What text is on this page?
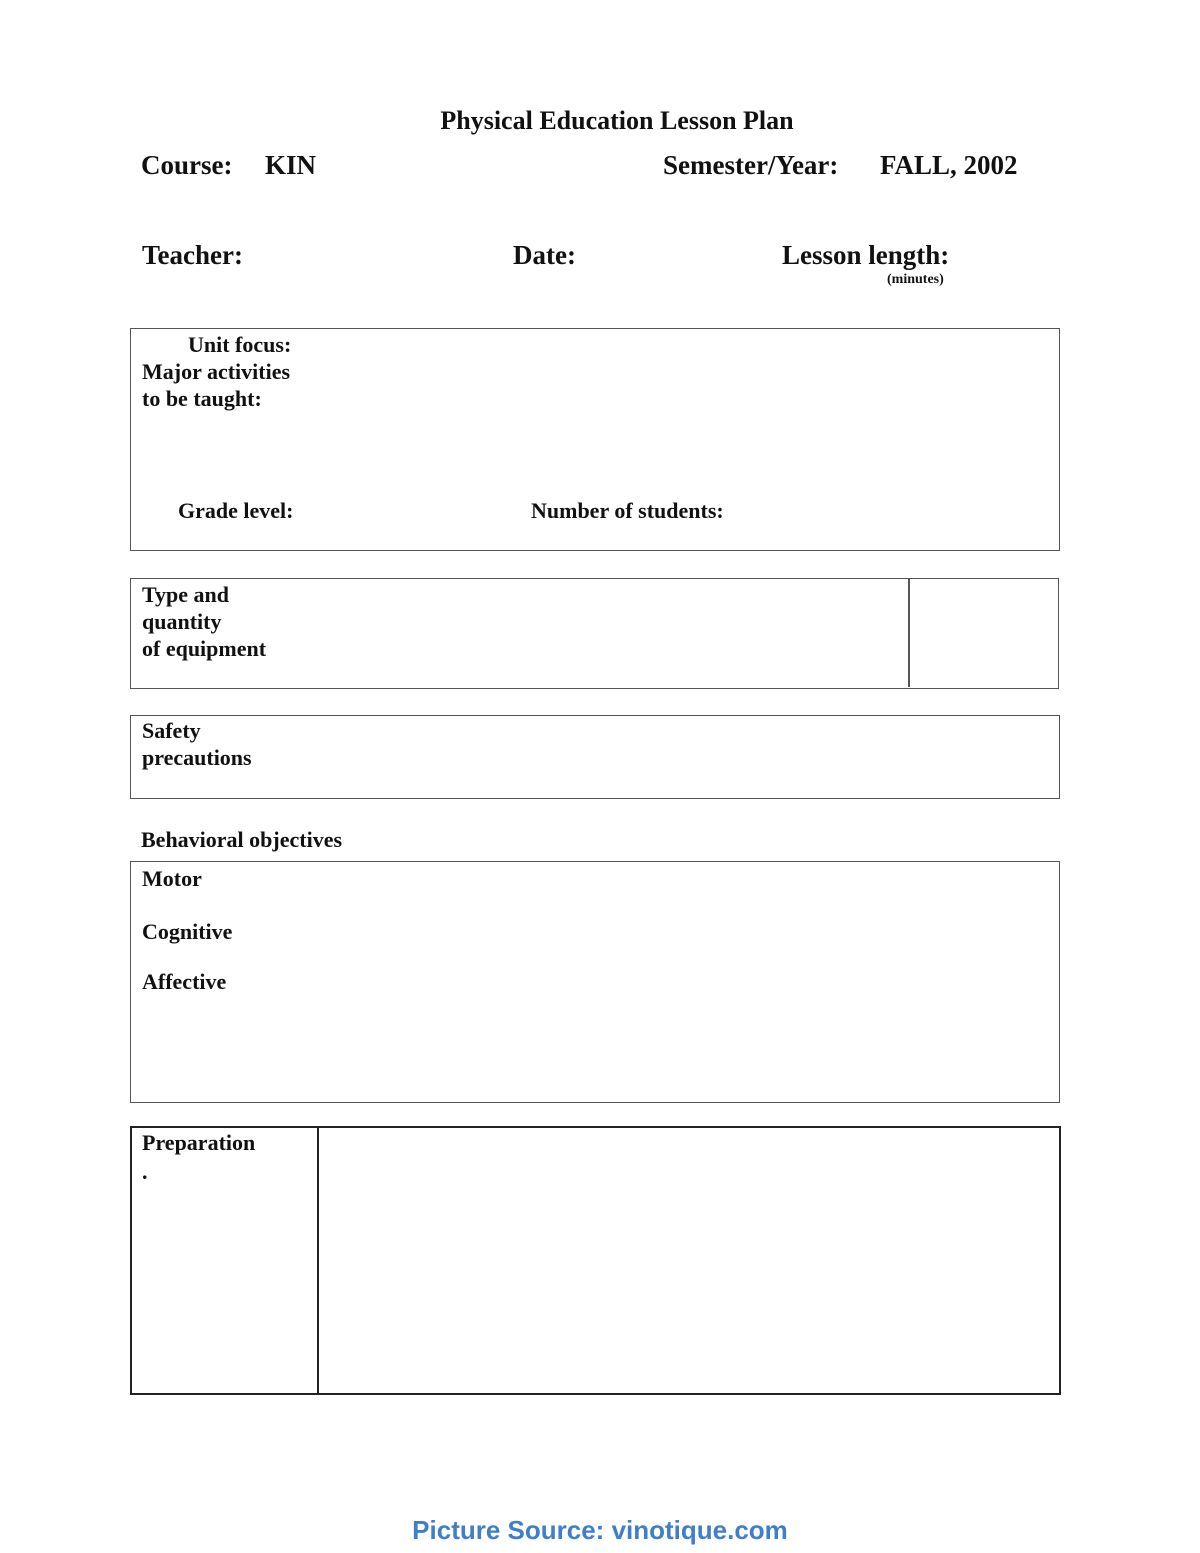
Physical Education Lesson Plan
Course: KIN	Semester/Year: FALL, 2002
Teacher:	Date:	Lesson length:
(minutes)
Unit focus:
Major activities
to be taught:
Grade level:	Number of students:
Type and
quantity
of equipment
Safety
precautions
Behavioral objectives
Motor
Cognitive
Affective
Preparation
.
Picture Source: vinotique.com
